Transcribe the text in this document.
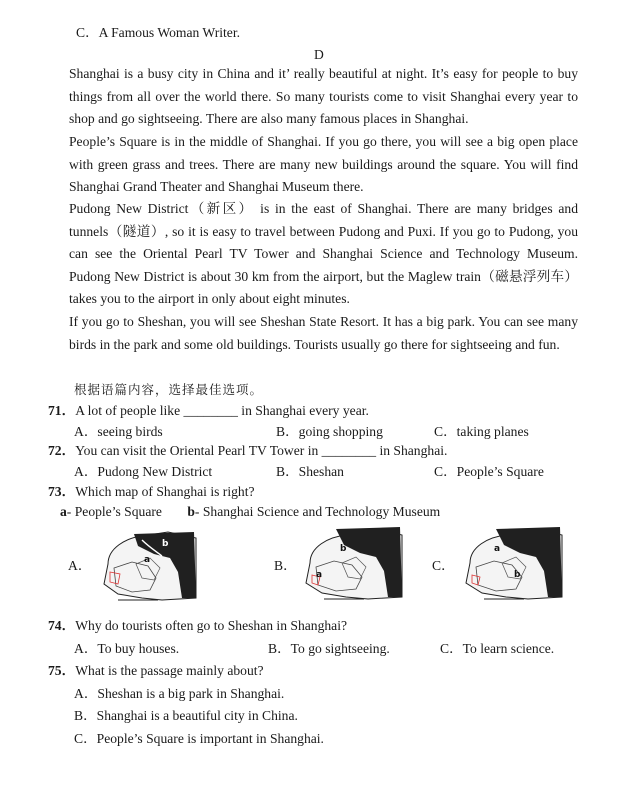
C．A Famous Woman Writer.
D
Shanghai is a busy city in China and it’ really beautiful at night. It’s easy for people to buy things from all over the world there. So many tourists come to visit Shanghai every year to shop and go sightseeing. There are also many famous places in Shanghai.
People’s Square is in the middle of Shanghai. If you go there, you will see a big open place with green grass and trees. There are many new buildings around the square. You will find Shanghai Grand Theater and Shanghai Museum there.
Pudong New District（新区） is in the east of Shanghai. There are many bridges and tunnels（隧道）, so it is easy to travel between Pudong and Puxi. If you go to Pudong, you can see the Oriental Pearl TV Tower and Shanghai Science and Technology Museum. Pudong New District is about 30 km from the airport, but the Maglew train（磁悬浮列车） takes you to the airport in only about eight minutes.
If you go to Sheshan, you will see Sheshan State Resort. It has a big park. You can see many birds in the park and some old buildings. Tourists usually go there for sightseeing and fun.
根据语篇内容，选择最佳选项。
71．A lot of people like ________ in Shanghai every year.
A．seeing birds	B．going shopping	C．taking planes
72．You can visit the Oriental Pearl TV Tower in ________ in Shanghai.
A．Pudong New District	B．Sheshan	C．People’s Square
73．Which map of Shanghai is right?
a- People’s Square b- Shanghai Science and Technology Museum
A．	B．	C．
b
a
b
a
a
b
74．Why do tourists often go to Sheshan in Shanghai?
A．To buy houses.	B．To go sightseeing.	C．To learn science.
75．What is the passage mainly about?
A．Sheshan is a big park in Shanghai.
B．Shanghai is a beautiful city in China.
C．People’s Square is important in Shanghai.
